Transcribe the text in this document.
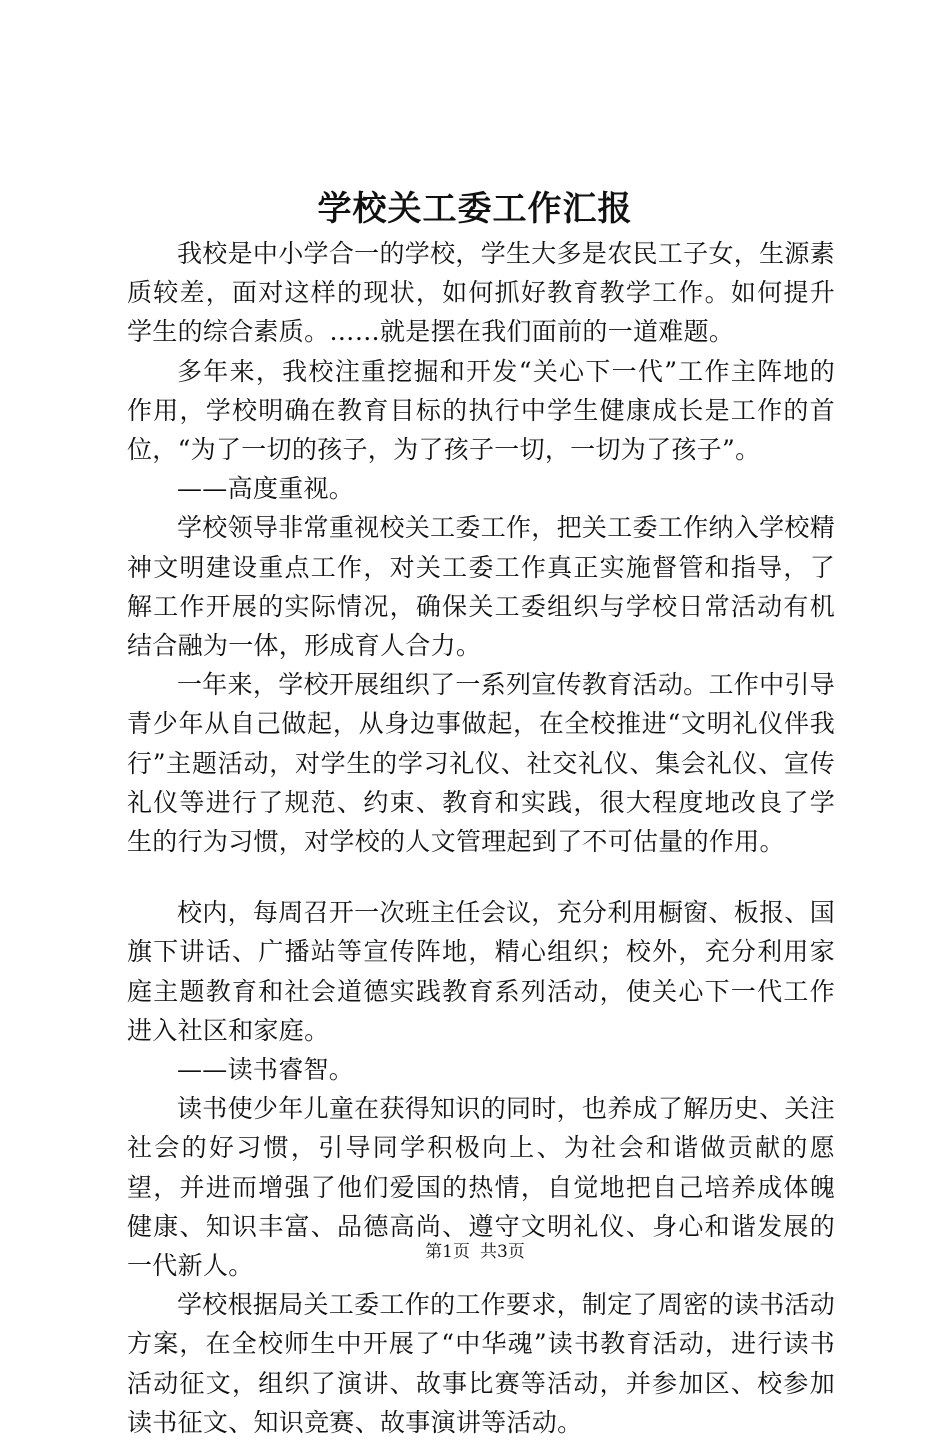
学校关工委工作汇报

我校是中小学合一的学校，学生大多是农民工子女，生源素质较差，面对这样的现状，如何抓好教育教学工作。如何提升学生的综合素质。……就是摆在我们面前的一道难题。

多年来，我校注重挖掘和开发“关心下一代”工作主阵地的作用，学校明确在教育目标的执行中学生健康成长是工作的首位，“为了一切的孩子，为了孩子一切，一切为了孩子”。

——高度重视。

学校领导非常重视校关工委工作，把关工委工作纳入学校精神文明建设重点工作，对关工委工作真正实施督管和指导，了解工作开展的实际情况，确保关工委组织与学校日常活动有机结合融为一体，形成育人合力。

一年来，学校开展组织了一系列宣传教育活动。工作中引导青少年从自己做起，从身边事做起，在全校推进“文明礼仪伴我行”主题活动，对学生的学习礼仪、社交礼仪、集会礼仪、宣传礼仪等进行了规范、约束、教育和实践，很大程度地改良了学生的行为习惯，对学校的人文管理起到了不可估量的作用。

校内，每周召开一次班主任会议，充分利用橱窗、板报、国旗下讲话、广播站等宣传阵地，精心组织；校外，充分利用家庭主题教育和社会道德实践教育系列活动，使关心下一代工作进入社区和家庭。

——读书睿智。

读书使少年儿童在获得知识的同时，也养成了解历史、关注社会的好习惯，引导同学积极向上、为社会和谐做贡献的愿望，并进而增强了他们爱国的热情，自觉地把自己培养成体魄健康、知识丰富、品德高尚、遵守文明礼仪、身心和谐发展的一代新人。

学校根据局关工委工作的工作要求，制定了周密的读书活动方案，在全校师生中开展了“中华魂”读书教育活动，进行读书活动征文，组织了演讲、故事比赛等活动，并参加区、校参加读书征文、知识竞赛、故事演讲等活动。

第1页 共3页
